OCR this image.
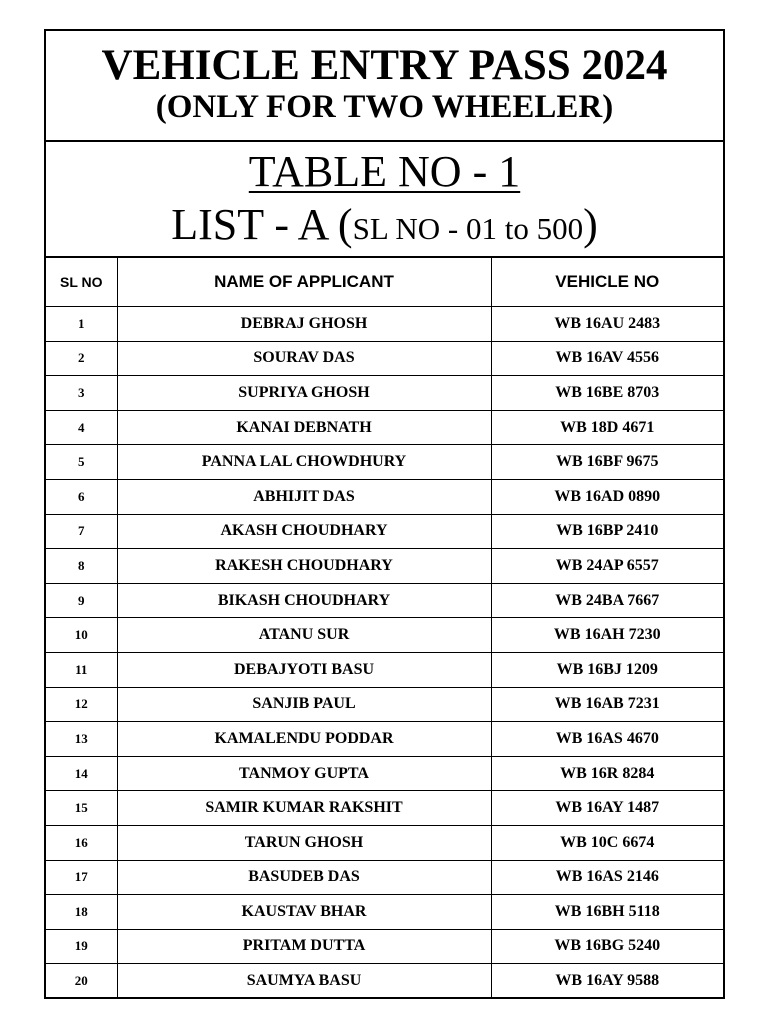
VEHICLE ENTRY PASS 2024
(ONLY FOR TWO WHEELER)
TABLE NO - 1
LIST - A (SL NO - 01 to 500)
SL NO	NAME OF APPLICANT	VEHICLE NO
1	DEBRAJ GHOSH	WB 16AU 2483
2	SOURAV DAS	WB 16AV 4556
3	SUPRIYA GHOSH	WB 16BE 8703
4	KANAI DEBNATH	WB 18D 4671
5	PANNA LAL CHOWDHURY	WB 16BF 9675
6	ABHIJIT DAS	WB 16AD 0890
7	AKASH CHOUDHARY	WB 16BP 2410
8	RAKESH CHOUDHARY	WB 24AP 6557
9	BIKASH CHOUDHARY	WB 24BA 7667
10	ATANU SUR	WB 16AH 7230
11	DEBAJYOTI BASU	WB 16BJ 1209
12	SANJIB PAUL	WB 16AB 7231
13	KAMALENDU PODDAR	WB 16AS 4670
14	TANMOY GUPTA	WB 16R 8284
15	SAMIR KUMAR RAKSHIT	WB 16AY 1487
16	TARUN GHOSH	WB 10C 6674
17	BASUDEB DAS	WB 16AS 2146
18	KAUSTAV BHAR	WB 16BH 5118
19	PRITAM DUTTA	WB 16BG 5240
20	SAUMYA BASU	WB 16AY 9588
